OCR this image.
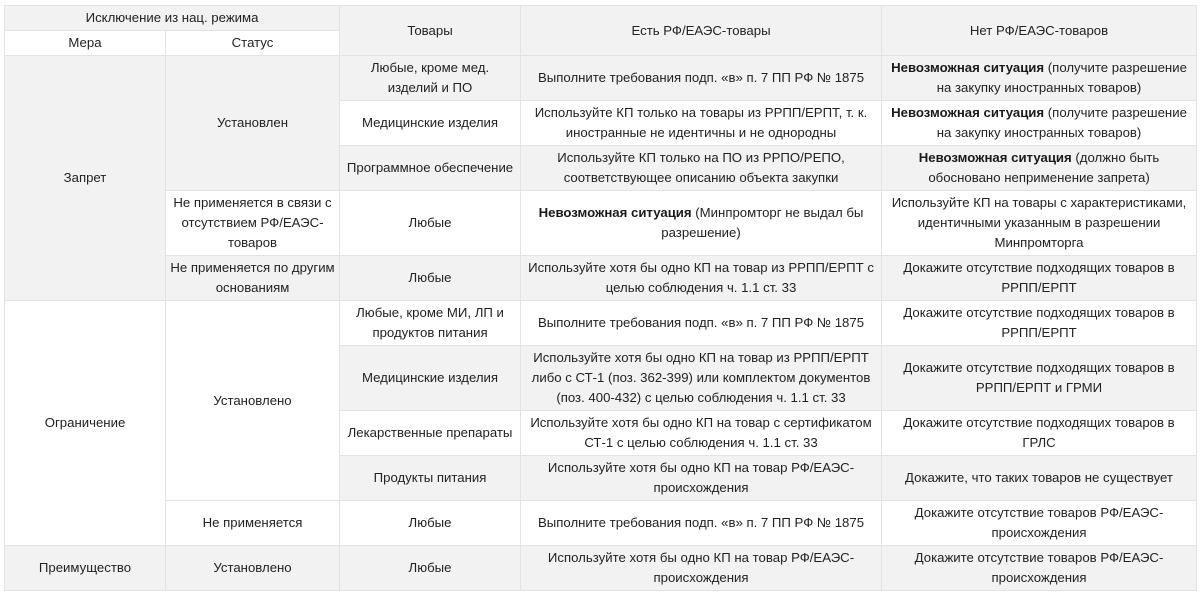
Исключение из нац. режима		Товары	Есть РФ/ЕАЭС-товары	Нет РФ/ЕАЭС-товаров
Мера	Статус			
Запрет	Установлен	Любые, кроме мед. изделий и ПО	Выполните требования подп. «в» п. 7 ПП РФ № 1875	Невозможная ситуация (получите разрешение на закупку иностранных товаров)
		Медицинские изделия	Используйте КП только на товары из РРПП/ЕРПТ, т. к. иностранные не идентичны и не однородны	Невозможная ситуация (получите разрешение на закупку иностранных товаров)
		Программное обеспечение	Используйте КП только на ПО из РРПО/РЕПО, соответствующее описанию объекта закупки	Невозможная ситуация (должно быть обосновано неприменение запрета)
	Не применяется в связи с отсутствием РФ/ЕАЭС-товаров	Любые	Невозможная ситуация (Минпромторг не выдал бы разрешение)	Используйте КП на товары с характеристиками, идентичными указанным в разрешении Минпромторга
	Не применяется по другим основаниям	Любые	Используйте хотя бы одно КП на товар из РРПП/ЕРПТ с целью соблюдения ч. 1.1 ст. 33	Докажите отсутствие подходящих товаров в РРПП/ЕРПТ
Ограничение	Установлено	Любые, кроме МИ, ЛП и продуктов питания	Выполните требования подп. «в» п. 7 ПП РФ № 1875	Докажите отсутствие подходящих товаров в РРПП/ЕРПТ
		Медицинские изделия	Используйте хотя бы одно КП на товар из РРПП/ЕРПТ либо с СТ-1 (поз. 362-399) или комплектом документов (поз. 400-432) с целью соблюдения ч. 1.1 ст. 33	Докажите отсутствие подходящих товаров в РРПП/ЕРПТ и ГРМИ
		Лекарственные препараты	Используйте хотя бы одно КП на товар с сертификатом СТ-1 с целью соблюдения ч. 1.1 ст. 33	Докажите отсутствие подходящих товаров в ГРЛС
		Продукты питания	Используйте хотя бы одно КП на товар РФ/ЕАЭС-происхождения	Докажите, что таких товаров не существует
	Не применяется	Любые	Выполните требования подп. «в» п. 7 ПП РФ № 1875	Докажите отсутствие товаров РФ/ЕАЭС-происхождения
Преимущество	Установлено	Любые	Используйте хотя бы одно КП на товар РФ/ЕАЭС-происхождения	Докажите отсутствие товаров РФ/ЕАЭС-происхождения
